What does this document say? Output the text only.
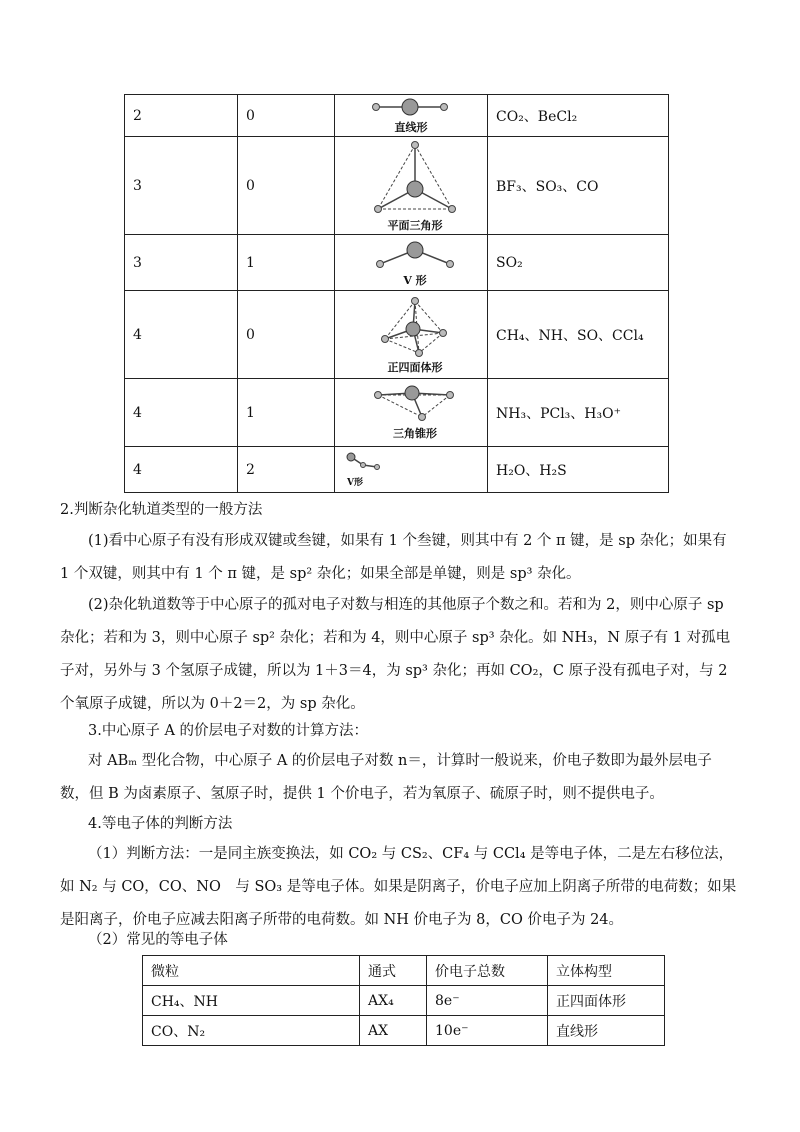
2	0	直线形	CO₂、BeCl₂
3	0	平面三角形	BF₃、SO₃、CO
3	1	V 形	SO₂
4	0	正四面体形	CH₄、NH、SO、CCl₄
4	1	三角锥形	NH₃、PCl₃、H₃O⁺
4	2	V形	H₂O、H₂S

2.判断杂化轨道类型的一般方法

(1)看中心原子有没有形成双键或叁键，如果有 1 个叁键，则其中有 2 个 π 键，是 sp 杂化；如果有 1 个双键，则其中有 1 个 π 键，是 sp² 杂化；如果全部是单键，则是 sp³ 杂化。

(2)杂化轨道数等于中心原子的孤对电子对数与相连的其他原子个数之和。若和为 2，则中心原子 sp 杂化；若和为 3，则中心原子 sp² 杂化；若和为 4，则中心原子 sp³ 杂化。如 NH₃，N 原子有 1 对孤电子对，另外与 3 个氢原子成键，所以为 1＋3＝4，为 sp³ 杂化；再如 CO₂，C 原子没有孤电子对，与 2 个氧原子成键，所以为 0＋2＝2，为 sp 杂化。

3.中心原子 A 的价层电子对数的计算方法：

对 ABₘ 型化合物，中心原子 A 的价层电子对数 n＝，计算时一般说来，价电子数即为最外层电子数，但 B 为卤素原子、氢原子时，提供 1 个价电子，若为氧原子、硫原子时，则不提供电子。

4.等电子体的判断方法

（1）判断方法：一是同主族变换法，如 CO₂ 与 CS₂、CF₄ 与 CCl₄ 是等电子体，二是左右移位法，如 N₂ 与 CO，CO、NO　与 SO₃ 是等电子体。如果是阴离子，价电子应加上阴离子所带的电荷数；如果是阳离子，价电子应减去阳离子所带的电荷数。如 NH 价电子为 8，CO 价电子为 24。

（2）常见的等电子体

微粒	通式	价电子总数	立体构型
CH₄、NH	AX₄	8e⁻	正四面体形
CO、N₂	AX	10e⁻	直线形
